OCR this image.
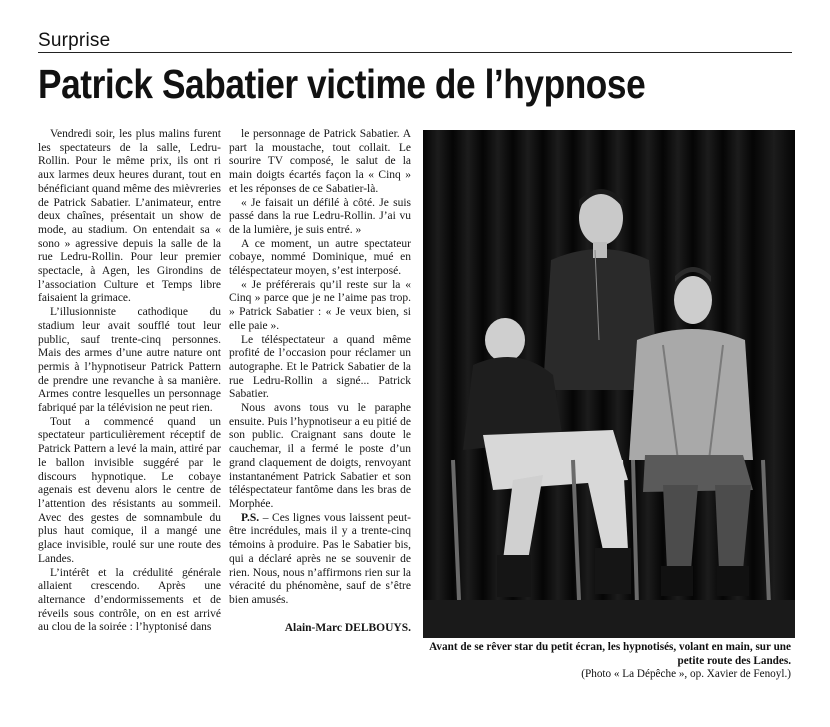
Surprise
Patrick Sabatier victime de l’hypnose

Vendredi soir, les plus malins furent les spectateurs de la salle, Ledru-Rollin. Pour le même prix, ils ont ri aux larmes deux heures durant, tout en bénéficiant quand même des mièvreries de Patrick Sabatier. L’animateur, entre deux chaînes, présentait un show de mode, au stadium. On entendait sa « sono » agressive depuis la salle de la rue Ledru-Rollin. Pour leur premier spectacle, à Agen, les Girondins de l’association Culture et Temps libre faisaient la grimace.

L’illusionniste cathodique du stadium leur avait soufflé tout leur public, sauf trente-cinq personnes. Mais des armes d’une autre nature ont permis à l’hypnotiseur Patrick Pattern de prendre une revanche à sa manière. Armes contre lesquelles un personnage fabriqué par la télévision ne peut rien.

Tout a commencé quand un spectateur particulièrement réceptif de Patrick Pattern a levé la main, attiré par le ballon invisible suggéré par le discours hypnotique. Le cobaye agenais est devenu alors le centre de l’attention des résistants au sommeil. Avec des gestes de somnambule du plus haut comique, il a mangé une glace invisible, roulé sur une route des Landes.

L’intérêt et la crédulité générale allaient crescendo. Après une alternance d’endormissements et de réveils sous contrôle, on en est arrivé au clou de la soirée : l’hyptonisé dans

le personnage de Patrick Sabatier. A part la moustache, tout collait. Le sourire TV composé, le salut de la main doigts écartés façon la « Cinq » et les réponses de ce Sabatier-là.

« Je faisait un défilé à côté. Je suis passé dans la rue Ledru-Rollin. J’ai vu de la lumière, je suis entré. »

A ce moment, un autre spectateur cobaye, nommé Dominique, mué en téléspectateur moyen, s’est interposé.

« Je préférerais qu’il reste sur la « Cinq » parce que je ne l’aime pas trop. » Patrick Sabatier : « Je veux bien, si elle paie ».

Le téléspectateur a quand même profité de l’occasion pour réclamer un autographe. Et le Patrick Sabatier de la rue Ledru-Rollin a signé... Patrick Sabatier.

Nous avons tous vu le paraphe ensuite. Puis l’hypnotiseur a eu pitié de son public. Craignant sans doute le cauchemar, il a fermé le poste d’un grand claquement de doigts, renvoyant instantanément Patrick Sabatier et son téléspectateur fantôme dans les bras de Morphée.

P.S. – Ces lignes vous laissent peut-être incrédules, mais il y a trente-cinq témoins à produire. Pas le Sabatier bis, qui a déclaré après ne se souvenir de rien. Nous, nous n’affirmons rien sur la véracité du phénomène, sauf de s’être bien amusés.

Alain-Marc DELBOUYS.

Avant de se rêver star du petit écran, les hypnotisés, volant en main, sur une petite route des Landes.
(Photo « La Dépêche », op. Xavier de Fenoyl.)
